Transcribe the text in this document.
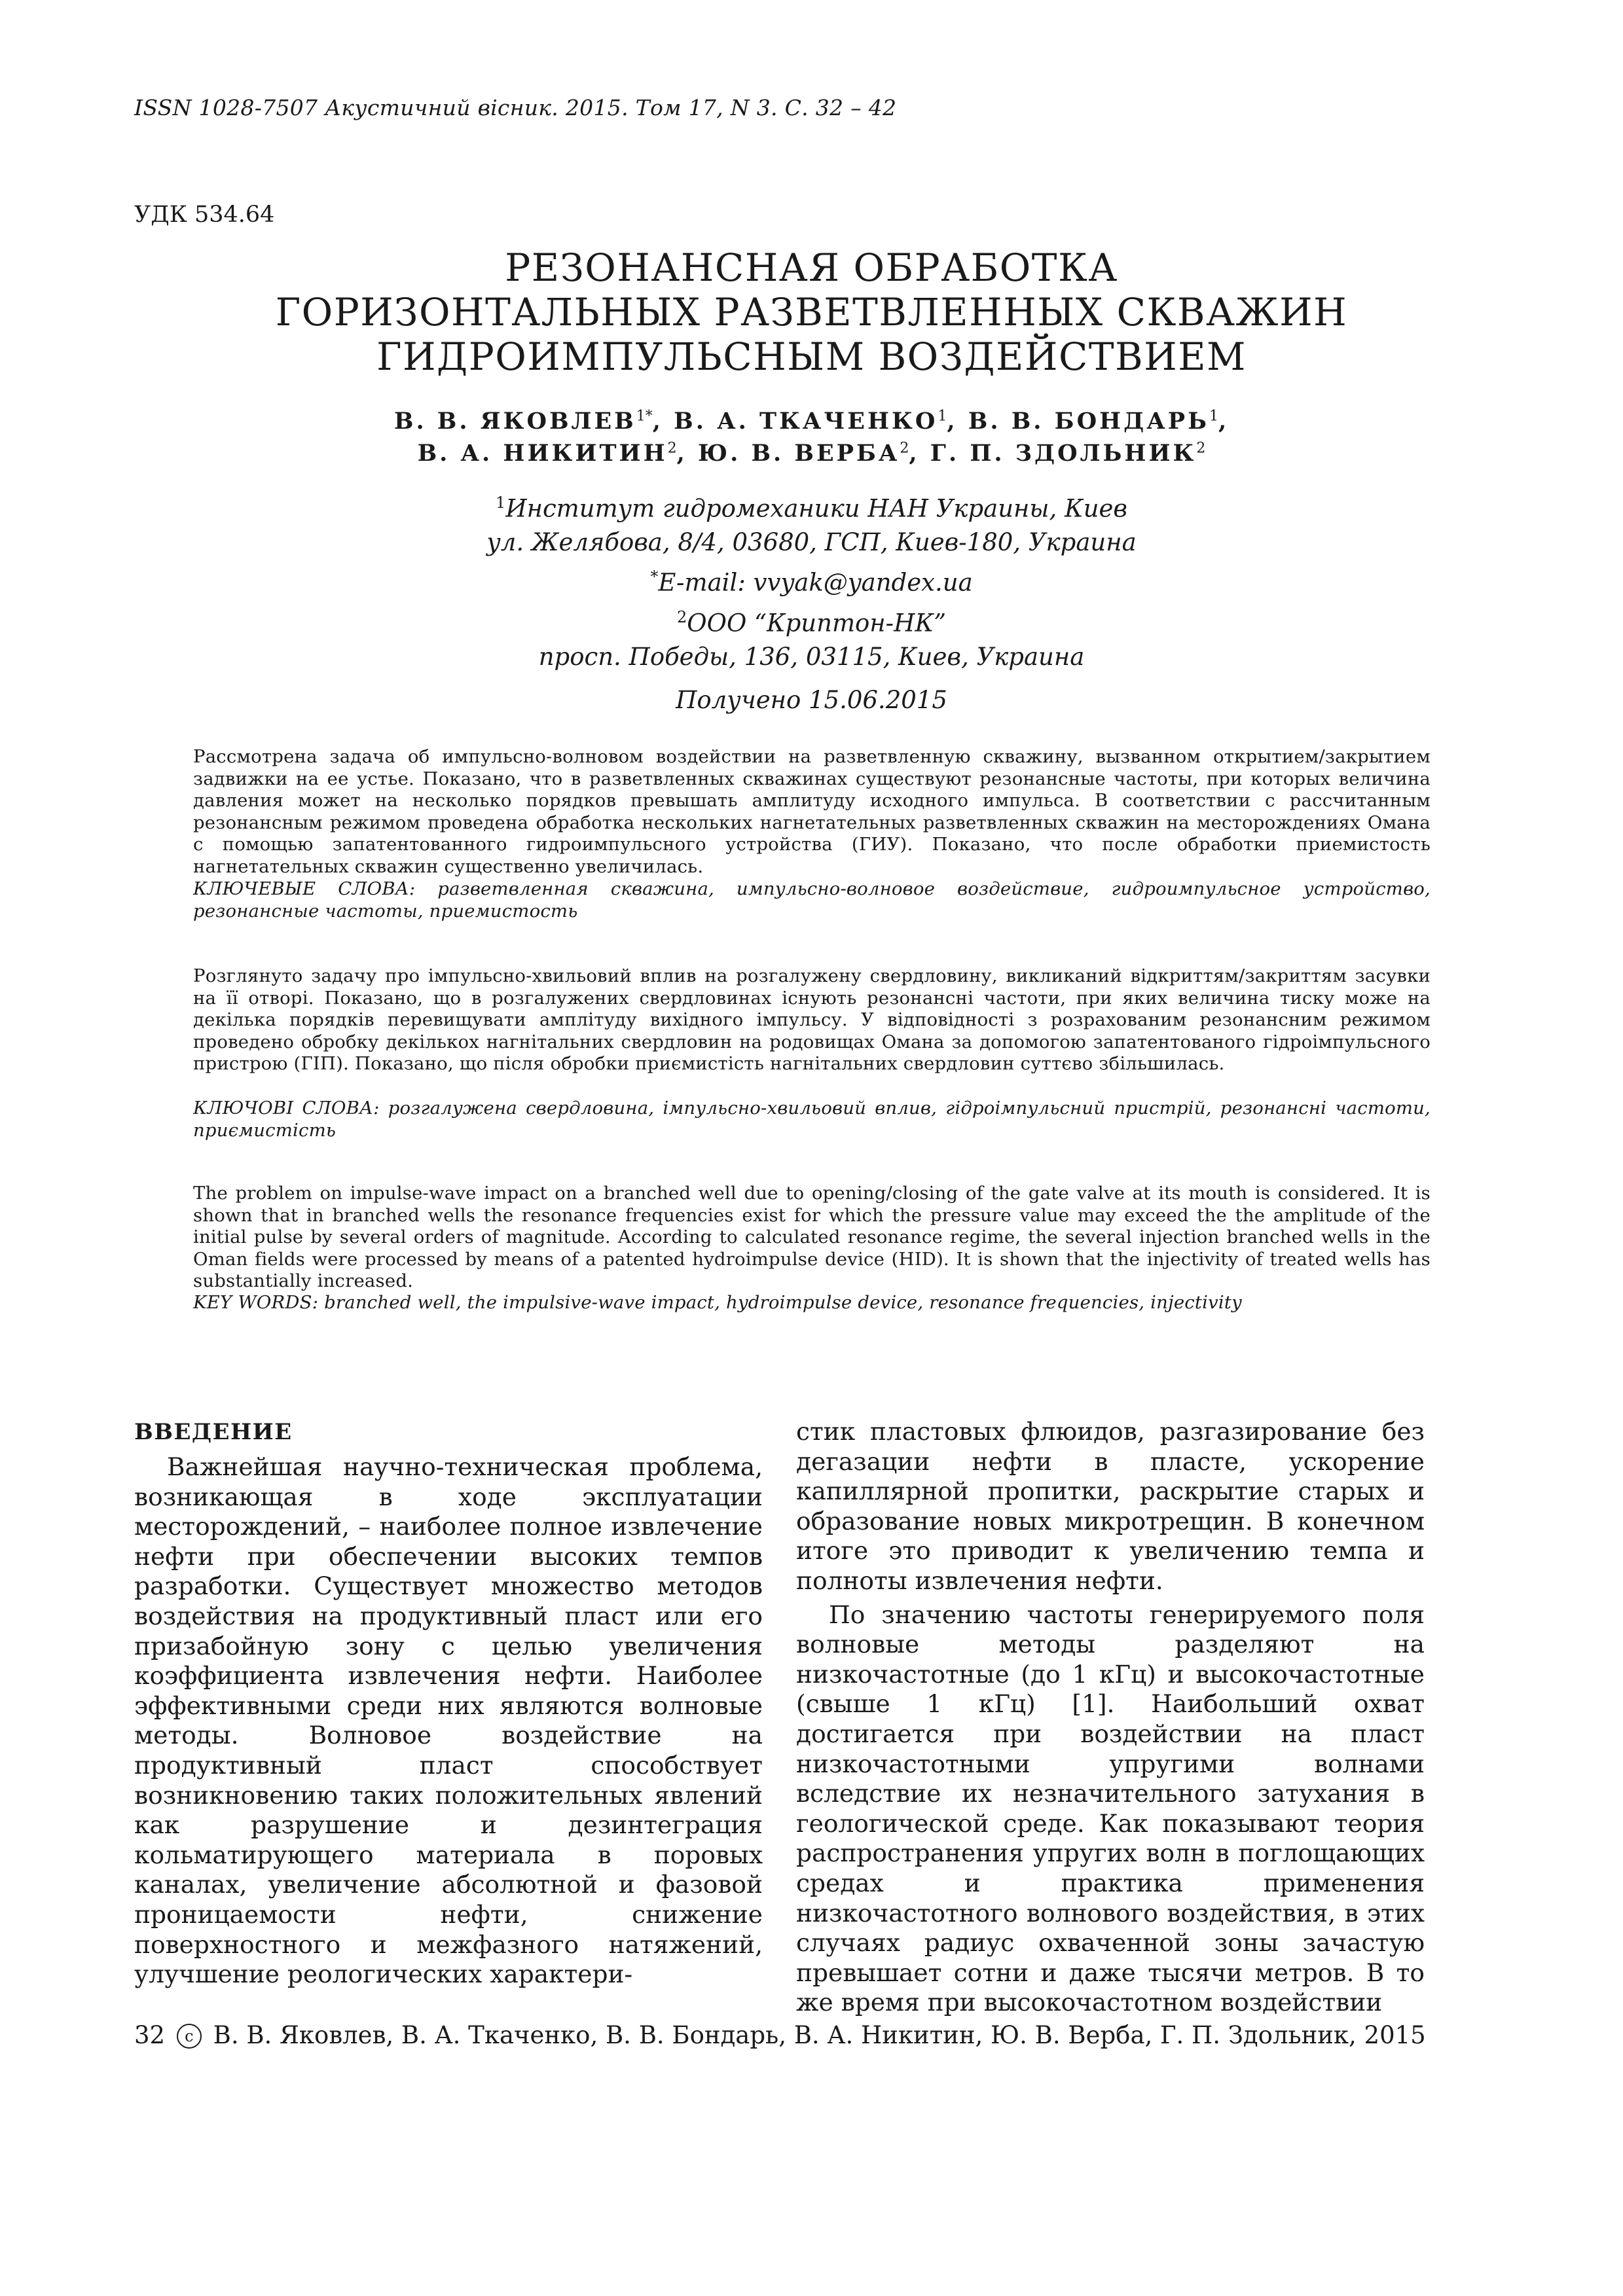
ISSN 1028-7507 Акустичний вісник. 2015. Том 17, N 3. С. 32 – 42
УДК 534.64
РЕЗОНАНСНАЯ ОБРАБОТКА
ГОРИЗОНТАЛЬНЫХ РАЗВЕТВЛЕННЫХ СКВАЖИН
ГИДРОИМПУЛЬСНЫМ ВОЗДЕЙСТВИЕМ
В. В. $ЯКОВЛЕВ^{1*}$, В. А. ТКАЧЕНКО$^1$, В. В. БОНДАРЬ$^1$,
В. А. НИКИТИН$^2$, Ю. В. ВЕРБА$^2$, Г. П. ЗДОЛЬНИК$^2$
$^1$Институт гидромеханики НАН Украины, Киев
ул. Желябова, 8/4, 03680, ГСП, Киев-180, Украина
*E-mail: vvyak@yandex.ua
$^2$ООО “Криптон-НК”
просп. Победы, 136, 03115, Киев, Украина
Получено 15.06.2015
Рассмотрена задача об импульсно-волновом воздействии на разветвленную скважину, вызванном открытием/закрытием задвижки на ее устье. Показано, что в разветвленных скважинах существуют резонансные частоты, при которых величина давления может на несколько порядков превышать амплитуду исходного импульса. В соответствии с рассчитанным резонансным режимом проведена обработка нескольких нагнетательных разветвленных скважин на месторождениях Омана с помощью запатентованного гидроимпульсного устройства (ГИУ). Показано, что после обработки приемистость нагнетательных скважин существенно увеличилась.
КЛЮЧЕВЫЕ СЛОВА: разветвленная скважина, импульсно-волновое воздействие, гидроимпульсное устройство, резонансные частоты, приемистость
Розглянуто задачу про імпульсно-хвильовий вплив на розгалужену свердловину, викликаний відкриттям/закриттям засувки на її отворі. Показано, що в розгалужених свердловинах існують резонансні частоти, при яких величина тиску може на декілька порядків перевищувати амплітуду вихідного імпульсу. У відповідності з розрахованим резонансним режимом проведено обробку декількох нагнітальних свердловин на родовищах Омана за допомогою запатентованого гідроімпульсного пристрою (ГІП). Показано, що після обробки приємистість нагнітальних свердловин суттєво збільшилась.
КЛЮЧОВІ СЛОВА: розгалужена свердловина, імпульсно-хвильовий вплив, гідроімпульсний пристрій, резонансні частоти, приємистість
The problem on impulse-wave impact on a branched well due to opening/closing of the gate valve at its mouth is considered. It is shown that in branched wells the resonance frequencies exist for which the pressure value may exceed the the amplitude of the initial pulse by several orders of magnitude. According to calculated resonance regime, the several injection branched wells in the Oman fields were processed by means of a patented hydroimpulse device (HID). It is shown that the injectivity of treated wells has substantially increased.
KEY WORDS: branched well, the impulsive-wave impact, hydroimpulse device, resonance frequencies, injectivity
ВВЕДЕНИЕ

Важнейшая научно-техническая проблема, возникающая в ходе эксплуатации месторождений, – наиболее полное извлечение нефти при обеспечении высоких темпов разработки. Существует множество методов воздействия на продуктивный пласт или его призабойную зону с целью увеличения коэффициента извлечения нефти. Наиболее эффективными среди них являются волновые методы. Волновое воздействие на продуктивный пласт способствует возникновению таких положительных явлений как разрушение и дезинтеграция кольматирующего материала в поровых каналах, увеличение абсолютной и фазовой проницаемости нефти, снижение поверхностного и межфазного натяжений, улучшение реологических характери-

стик пластовых флюидов, разгазирование без дегазации нефти в пласте, ускорение капиллярной пропитки, раскрытие старых и образование новых микротрещин. В конечном итоге это приводит к увеличению темпа и полноты извлечения нефти.

По значению частоты генерируемого поля волновые методы разделяют на низкочастотные (до 1 кГц) и высокочастотные (свыше 1 кГц) [1]. Наибольший охват достигается при воздействии на пласт низкочастотными упругими волнами вследствие их незначительного затухания в геологической среде. Как показывают теория распространения упругих волн в поглощающих средах и практика применения низкочастотного волнового воздействия, в этих случаях радиус охваченной зоны зачастую превышает сотни и даже тысячи метров. В то же время при высокочастотном воздействии

32 c В. В. Яковлев, В. А. Ткаченко, В. В. Бондарь, В. А. Никитин, Ю. В. Верба, Г. П. Здольник, 2015
